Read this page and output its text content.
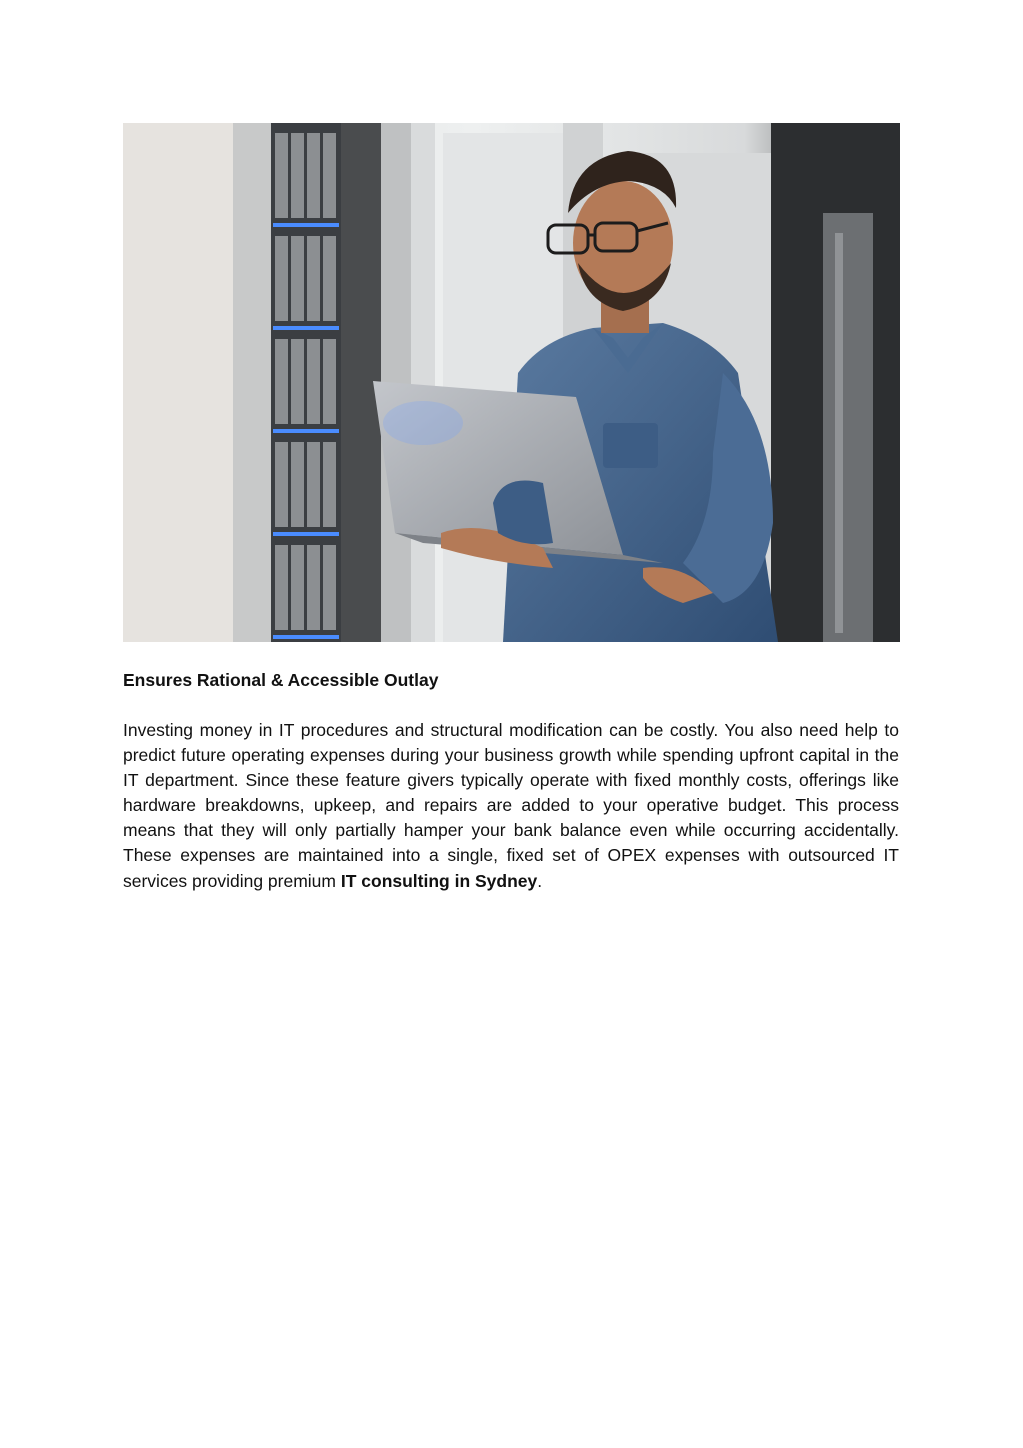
Ensures Rational & Accessible Outlay

Investing money in IT procedures and structural modification can be costly. You also need help to predict future operating expenses during your business growth while spending upfront capital in the IT department. Since these feature givers typically operate with fixed monthly costs, offerings like hardware breakdowns, upkeep, and repairs are added to your operative budget. This process means that they will only partially hamper your bank balance even while occurring accidentally. These expenses are maintained into a single, fixed set of OPEX expenses with outsourced IT services providing premium IT consulting in Sydney.
